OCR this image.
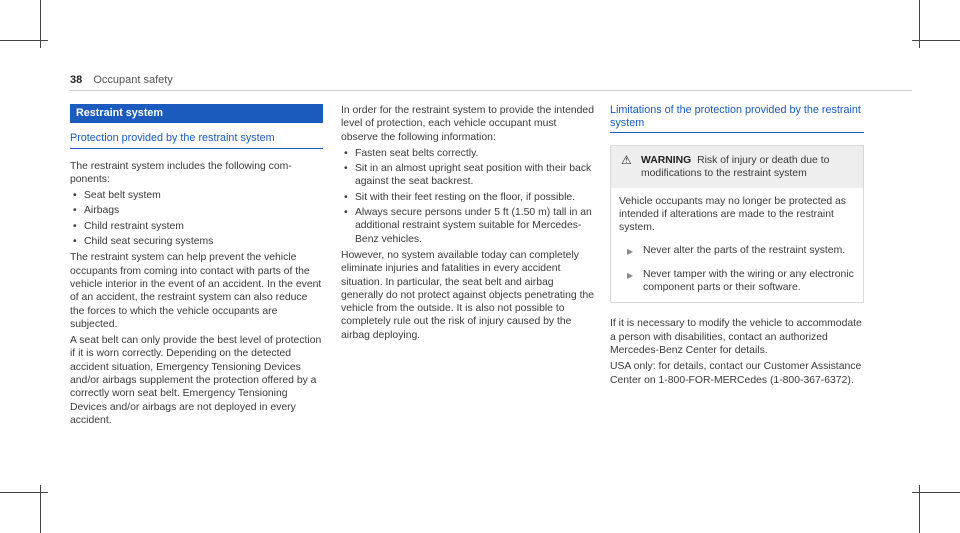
38 Occupant safety
Restraint system
Protection provided by the restraint system

The restraint system includes the following components:

• Seat belt system
• Airbags
• Child restraint system
• Child seat securing systems

The restraint system can help prevent the vehicle occupants from coming into contact with parts of the vehicle interior in the event of an accident. In the event of an accident, the restraint system can also reduce the forces to which the vehicle occupants are subjected.

A seat belt can only provide the best level of protection if it is worn correctly. Depending on the detected accident situation, Emergency Tensioning Devices and/or airbags supplement the protection offered by a correctly worn seat belt. Emergency Tensioning Devices and/or airbags are not deployed in every accident.

In order for the restraint system to provide the intended level of protection, each vehicle occupant must observe the following information:

• Fasten seat belts correctly.
• Sit in an almost upright seat position with their back against the seat backrest.
• Sit with their feet resting on the floor, if possible.
• Always secure persons under 5 ft (1.50 m) tall in an additional restraint system suitable for Mercedes-Benz vehicles.

However, no system available today can completely eliminate injuries and fatalities in every accident situation. In particular, the seat belt and airbag generally do not protect against objects penetrating the vehicle from the outside. It is also not possible to completely rule out the risk of injury caused by the airbag deploying.

Limitations of the protection provided by the restraint system
⚠ WARNING Risk of injury or death due to modifications to the restraint system

Vehicle occupants may no longer be protected as intended if alterations are made to the restraint system.

▶ Never alter the parts of the restraint system.
▶ Never tamper with the wiring or any electronic component parts or their software.

If it is necessary to modify the vehicle to accommodate a person with disabilities, contact an authorized Mercedes-Benz Center for details.

USA only: for details, contact our Customer Assistance Center on 1-800-FOR-MERCedes (1-800-367-6372).
